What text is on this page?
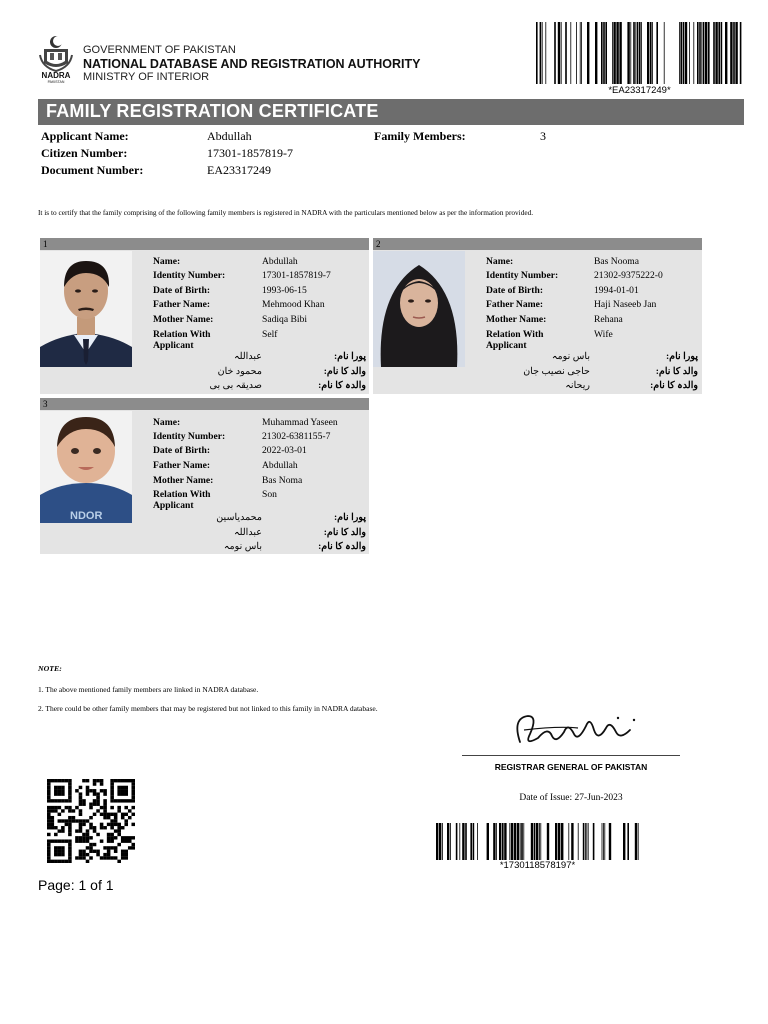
NADRA
PAKISTAN
GOVERNMENT OF PAKISTAN
NATIONAL DATABASE AND REGISTRATION AUTHORITY
MINISTRY OF INTERIOR
*EA23317249*
FAMILY REGISTRATION CERTIFICATE
Applicant Name:	Abdullah	Family Members:	3
Citizen Number:	17301-1857819-7
Document Number:	EA23317249
It is to certify that the family comprising of the following family members is registered in NADRA with the particulars mentioned below as per the information provided.
1
Name:	Abdullah
Identity Number:	17301-1857819-7
Date of Birth:	1993-06-15
Father Name:	Mehmood Khan
Mother Name:	Sadiqa Bibi
Relation With
Applicant
Self
پورا نام:
عبداللہ
والد کا نام:
محمود خان
والدہ کا نام:
صدیقہ بی بی
2
Name:	Bas Nooma
Identity Number:	21302-9375222-0
Date of Birth:	1994-01-01
Father Name:	Haji Naseeb Jan
Mother Name:	Rehana
Relation With
Applicant
Wife
پورا نام:
باس نومہ
والد کا نام:
حاجی نصیب جان
والدہ کا نام:
ریحانہ
3
NDOR
Name:	Muhammad Yaseen
Identity Number:	21302-6381155-7
Date of Birth:	2022-03-01
Father Name:	Abdullah
Mother Name:	Bas Noma
Relation With
Applicant
Son
پورا نام:
محمدیاسین
والد کا نام:
عبداللہ
والدہ کا نام:
باس نومہ
NOTE:
1. The above mentioned family members are linked in NADRA database.
2. There could be other family members that may be registered but not linked to this family in NADRA database.
REGISTRAR GENERAL OF PAKISTAN
Date of Issue: 27-Jun-2023
*1730118578197*
Page: 1 of 1
